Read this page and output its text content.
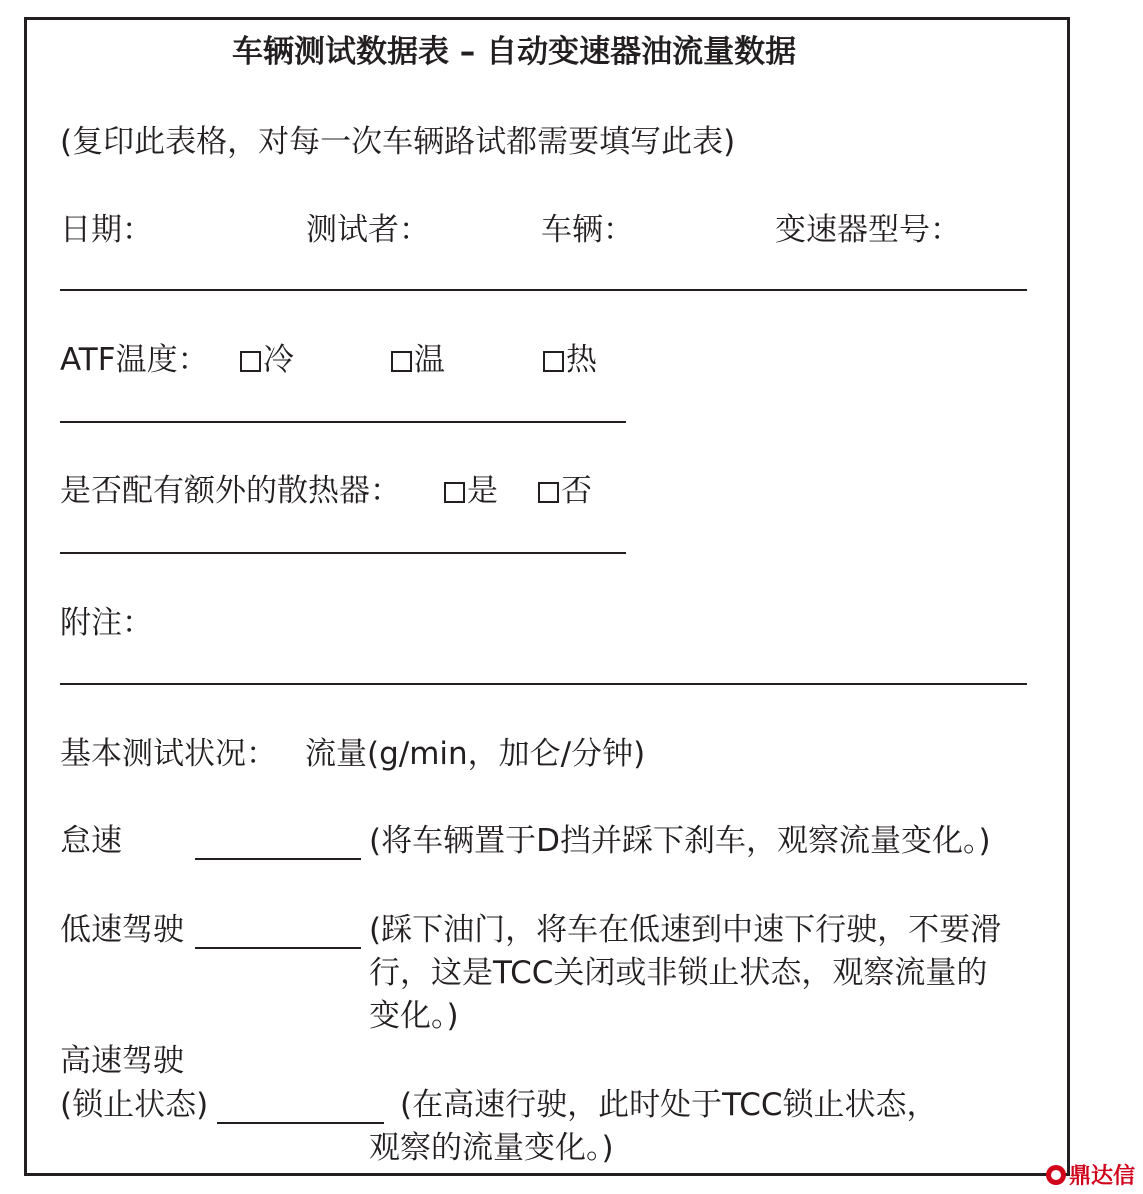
车辆测试数据表 – 自动变速器油流量数据
(复印此表格，对每一次车辆路试都需要填写此表)
日期：	测试者：	车辆：	变速器型号：
ATF温度：	冷	温	热
是否配有额外的散热器：	是	否
附注：
基本测试状况： 流量(g/min，加仑/分钟)
怠速	(将车辆置于D挡并踩下刹车，观察流量变化。)
低速驾驶	(踩下油门，将车在低速到中速下行驶，不要滑
行，这是TCC关闭或非锁止状态，观察流量的
变化。)
高速驾驶
(锁止状态)	(在高速行驶，此时处于TCC锁止状态，
观察的流量变化。)
鼎达信
